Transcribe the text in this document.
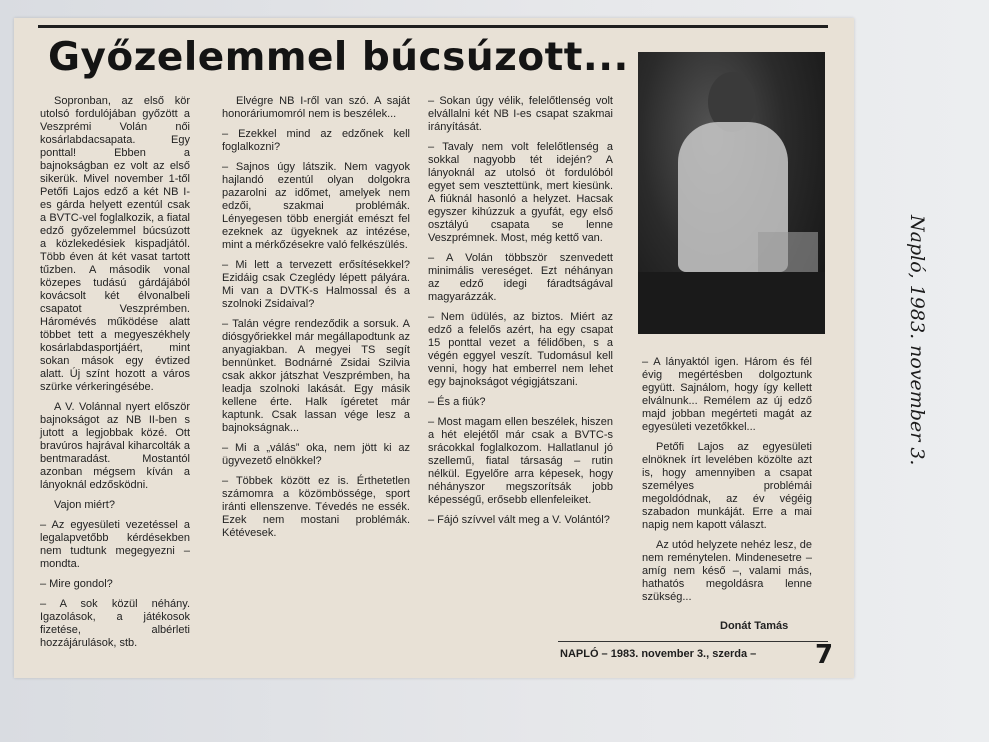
Győzelemmel búcsúzott...

Sopronban, az első kör utolsó fordulójában győzött a Veszprémi Volán női kosárlabdacsapata. Egy ponttal! Ebben a bajnokságban ez volt az első sikerük. Mivel november 1-től Petőfi Lajos edző a két NB I-es gárda helyett ezentúl csak a BVTC-vel foglalkozik, a fiatal edző győzelemmel búcsúzott a közlekedésiek kispadjától. Több éven át két vasat tartott tűzben. A második vonal közepes tudású gárdájából kovácsolt két élvonalbeli csapatot Veszprémben. Háromévés működése alatt többet tett a megyeszékhely kosárlabdasportjáért, mint sokan mások egy évtized alatt. Új színt hozott a város szürke vérkeringésébe.

A V. Volánnal nyert először bajnokságot az NB II-ben s jutott a legjobbak közé. Ott bravúros hajrával kiharcolták a bentmaradást. Mostantól azonban mégsem kíván a lányoknál edzősködni.

Vajon miért?

– Az egyesületi vezetéssel a legalapvetőbb kérdésekben nem tudtunk megegyezni – mondta.

– Mire gondol?

– A sok közül néhány. Igazolások, a játékosok fizetése, albérleti hozzájárulások, stb.

Elvégre NB I-ről van szó. A saját honoráriumomról nem is beszélek...

– Ezekkel mind az edzőnek kell foglalkozni?

– Sajnos úgy látszik. Nem vagyok hajlandó ezentúl olyan dolgokra pazarolni az időmet, amelyek nem edzői, szakmai problémák. Lényegesen több energiát emészt fel ezeknek az ügyeknek az intézése, mint a mérkőzésekre való felkészülés.

– Mi lett a tervezett erősítésekkel? Ezidáig csak Czeglédy lépett pályára. Mi van a DVTK-s Halmossal és a szolnoki Zsidaival?

– Talán végre rendeződik a sorsuk. A diósgyőriekkel már megállapodtunk az anyagiakban. A megyei TS segít bennünket. Bodnárné Zsidai Szilvia csak akkor játszhat Veszprémben, ha leadja szolnoki lakását. Egy másik kellene érte. Halk ígéretet már kaptunk. Csak lassan vége lesz a bajnokságnak...

– Mi a „válás” oka, nem jött ki az ügyvezető elnökkel?

– Többek között ez is. Érthetetlen számomra a közömbössége, sport iránti ellenszenve. Tévedés ne essék. Ezek nem mostani problémák. Kétévesek.

– Sokan úgy vélik, felelőtlenség volt elvállalni két NB I-es csapat szakmai irányítását.

– Tavaly nem volt felelőtlenség a sokkal nagyobb tét idején? A lányoknál az utolsó öt fordulóból egyet sem vesztettünk, mert kiesünk. A fiúknál hasonló a helyzet. Hacsak egyszer kihúzzuk a gyufát, egy első osztályú csapata se lenne Veszprémnek. Most, még kettő van.

– A Volán többször szenvedett minimális vereséget. Ezt néhányan az edző idegi fáradtságával magyarázzák.

– Nem üdülés, az biztos. Miért az edző a felelős azért, ha egy csapat 15 ponttal vezet a félidőben, s a végén eggyel veszít. Tudomásul kell venni, hogy hat emberrel nem lehet egy bajnokságot végigjátszani.

– És a fiúk?

– Most magam ellen beszélek, hiszen a hét elejétől már csak a BVTC-s srácokkal foglalkozom. Hallatlanul jó szellemű, fiatal társaság – rutin nélkül. Egyelőre arra képesek, hogy néhányszor megszorítsák jobb képességű, erősebb ellenfeleiket.

– Fájó szívvel vált meg a V. Volántól?

– A lányaktól igen. Három és fél évig megértésben dolgoztunk együtt. Sajnálom, hogy így kellett elválnunk... Remélem az új edző majd jobban megérteti magát az egyesületi vezetőkkel...

Petőfi Lajos az egyesületi elnöknek írt levelében közölte azt is, hogy amennyiben a csapat személyes problémái megoldódnak, az év végéig szabadon munkáját. Erre a mai napig nem kapott választ.

Az utód helyzete nehéz lesz, de nem reménytelen. Mindenesetre – amíg nem késő –, valami más, hathatós megoldásra lenne szükség...

Donát Tamás
NAPLÓ – 1983. november 3., szerda – 7
Napló, 1983. november 3.
